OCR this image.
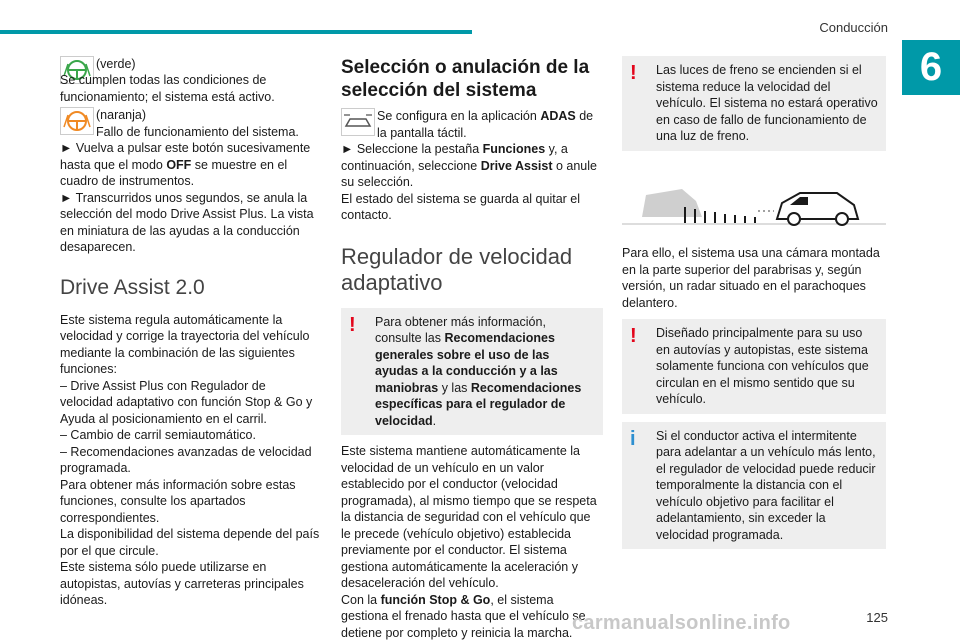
Conducción
6

(verde)

Se cumplen todas las condiciones de funcionamiento; el sistema está activo.

(naranja)

Fallo de funcionamiento del sistema.

► Vuelva a pulsar este botón sucesivamente hasta que el modo OFF se muestre en el cuadro de instrumentos.

► Transcurridos unos segundos, se anula la selección del modo Drive Assist Plus. La vista en miniatura de las ayudas a la conducción desaparecen.

Drive Assist 2.0

Este sistema regula automáticamente la velocidad y corrige la trayectoria del vehículo mediante la combinación de las siguientes funciones:

– Drive Assist Plus con Regulador de velocidad adaptativo con función Stop & Go y Ayuda al posicionamiento en el carril.

– Cambio de carril semiautomático.

– Recomendaciones avanzadas de velocidad programada.

Para obtener más información sobre estas funciones, consulte los apartados correspondientes.

La disponibilidad del sistema depende del país por el que circule.

Este sistema sólo puede utilizarse en autopistas, autovías y carreteras principales idóneas.

Selección o anulación de la selección del sistema

Se configura en la aplicación ADAS de la pantalla táctil.

► Seleccione la pestaña Funciones y, a continuación, seleccione Drive Assist o anule su selección.

El estado del sistema se guarda al quitar el contacto.

Regulador de velocidad adaptativo
!	Para obtener más información, consulte las Recomendaciones generales sobre el uso de las ayudas a la conducción y a las maniobras y las Recomendaciones específicas para el regulador de velocidad.

Este sistema mantiene automáticamente la velocidad de un vehículo en un valor establecido por el conductor (velocidad programada), al mismo tiempo que se respeta la distancia de seguridad con el vehículo que le precede (vehículo objetivo) establecida previamente por el conductor. El sistema gestiona automáticamente la aceleración y desaceleración del vehículo.

Con la función Stop & Go, el sistema gestiona el frenado hasta que el vehículo se detiene por completo y reinicia la marcha.

!	Las luces de freno se encienden si el sistema reduce la velocidad del vehículo. El sistema no estará operativo en caso de fallo de funcionamiento de una luz de freno.

Para ello, el sistema usa una cámara montada en la parte superior del parabrisas y, según versión, un radar situado en el parachoques delantero.

!	Diseñado principalmente para su uso en autovías y autopistas, este sistema solamente funciona con vehículos que circulan en el mismo sentido que su vehículo.

i	Si el conductor activa el intermitente para adelantar a un vehículo más lento, el regulador de velocidad puede reducir temporalmente la distancia con el vehículo objetivo para facilitar el adelantamiento, sin exceder la velocidad programada.

carmanualsonline.info	125
